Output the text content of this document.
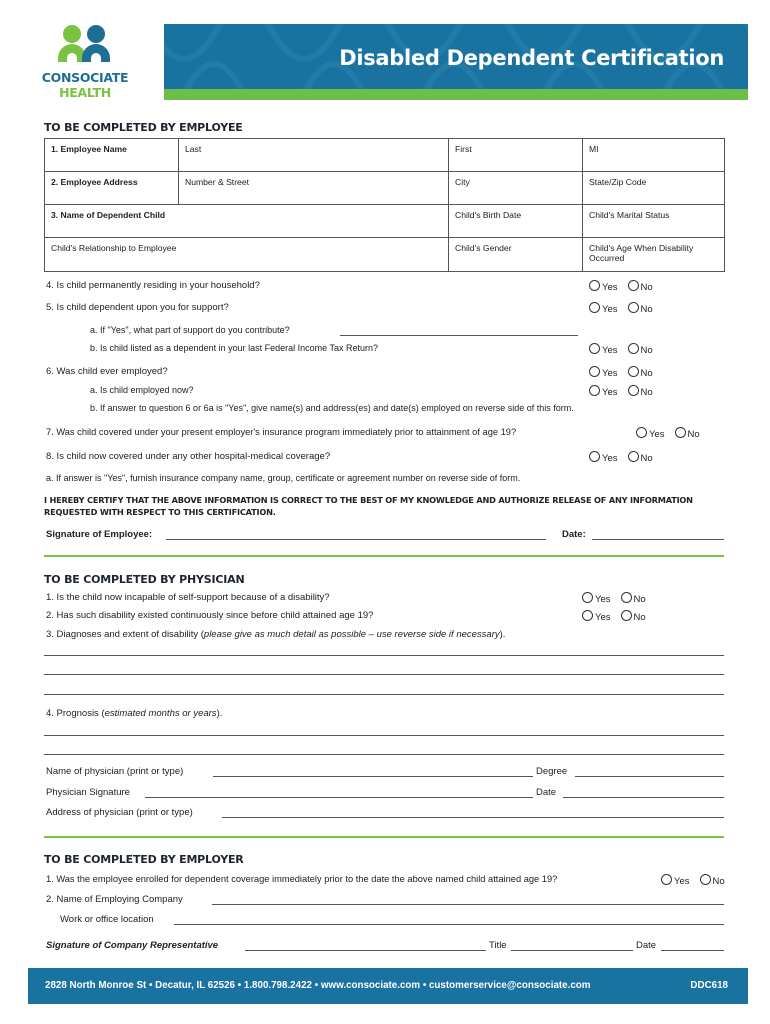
CONSOCIATE
HEALTH
Disabled Dependent Certification
TO BE COMPLETED BY EMPLOYEE
1. Employee Name	Last	First	MI
2. Employee Address	Number & Street	City	State/Zip Code
3. Name of Dependent Child		Child's Birth Date	Child's Marital Status
Child's Relationship to Employee		Child's Gender	Child's Age When Disability Occurred
4. Is child permanently residing in your household?	Yes No
5. Is child dependent upon you for support?	Yes No
a. If "Yes", what part of support do you contribute?
b. Is child listed as a dependent in your last Federal Income Tax Return?	Yes No
6. Was child ever employed?	Yes No
a. Is child employed now?	Yes No
b. If answer to question 6 or 6a is "Yes", give name(s) and address(es) and date(s) employed on reverse side of this form.
7. Was child covered under your present employer's insurance program immediately prior to attainment of age 19?	Yes No
8. Is child now covered under any other hospital-medical coverage?	Yes No
a. If answer is "Yes", furnish insurance company name, group, certificate or agreement number on reverse side of form.
I HEREBY CERTIFY THAT THE ABOVE INFORMATION IS CORRECT TO THE BEST OF MY KNOWLEDGE AND AUTHORIZE RELEASE OF ANY INFORMATION REQUESTED WITH RESPECT TO THIS CERTIFICATION.
Signature of Employee:	Date:
TO BE COMPLETED BY PHYSICIAN
1. Is the child now incapable of self-support because of a disability?	Yes No
2. Has such disability existed continuously since before child attained age 19?	Yes No
3. Diagnoses and extent of disability (please give as much detail as possible – use reverse side if necessary).
4. Prognosis (estimated months or years).
Name of physician (print or type)	Degree
Physician Signature	Date
Address of physician (print or type)
TO BE COMPLETED BY EMPLOYER
1. Was the employee enrolled for dependent coverage immediately prior to the date the above named child attained age 19?	Yes No
2. Name of Employing Company
Work or office location
Signature of Company Representative	Title	Date
2828 North Monroe St • Decatur, IL 62526 • 1.800.798.2422 • www.consociate.com • customerservice@consociate.com	DDC618
